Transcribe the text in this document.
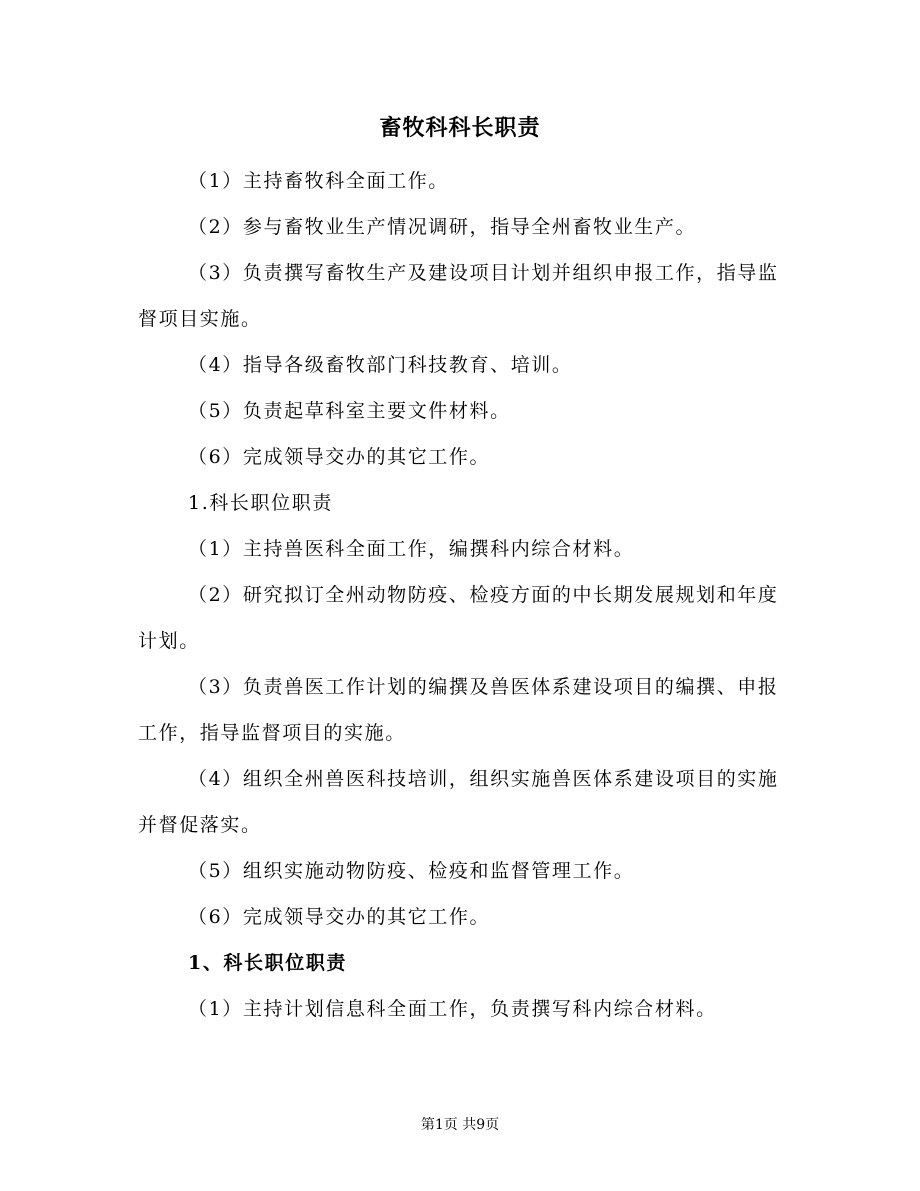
畜牧科科长职责

（1）主持畜牧科全面工作。

（2）参与畜牧业生产情况调研，指导全州畜牧业生产。

（3）负责撰写畜牧生产及建设项目计划并组织申报工作，指导监督项目实施。

（4）指导各级畜牧部门科技教育、培训。

（5）负责起草科室主要文件材料。

（6）完成领导交办的其它工作。

1.科长职位职责

（1）主持兽医科全面工作，编撰科内综合材料。

（2）研究拟订全州动物防疫、检疫方面的中长期发展规划和年度计划。

（3）负责兽医工作计划的编撰及兽医体系建设项目的编撰、申报工作，指导监督项目的实施。

（4）组织全州兽医科技培训，组织实施兽医体系建设项目的实施并督促落实。

（5）组织实施动物防疫、检疫和监督管理工作。

（6）完成领导交办的其它工作。

1、科长职位职责

（1）主持计划信息科全面工作，负责撰写科内综合材料。

第1页 共9页
